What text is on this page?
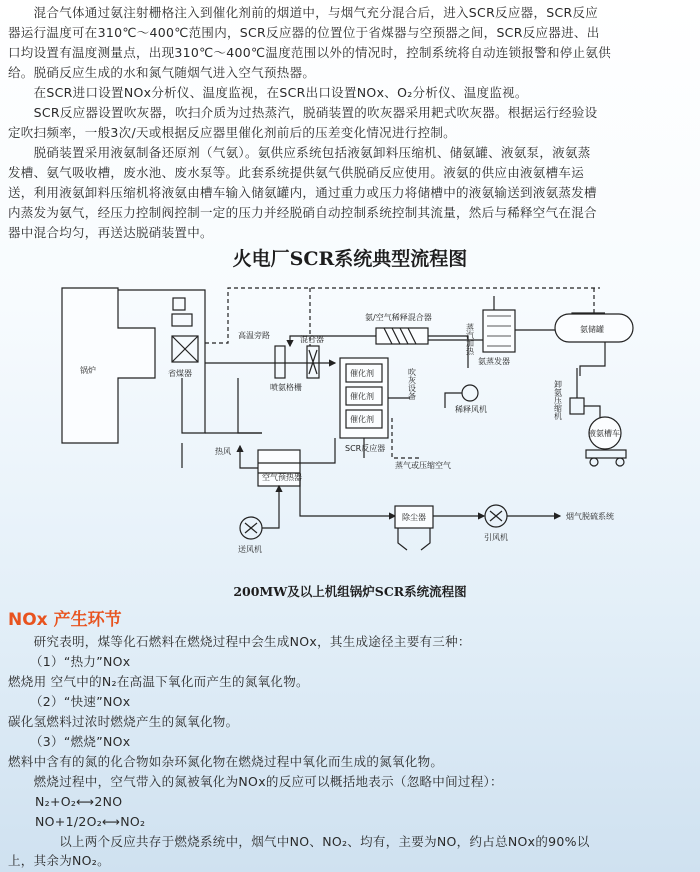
　　混合气体通过氨注射栅格注入到催化剂前的烟道中，与烟气充分混合后，进入SCR反应器，SCR反应
器运行温度可在310℃～400℃范围内，SCR反应器的位置位于省煤器与空预器之间，SCR反应器进、出
口均设置有温度测量点，出现310℃～400℃温度范围以外的情况时，控制系统将自动连锁报警和停止氨供
给。脱硝反应生成的水和氮气随烟气进入空气预热器。
　　在SCR进口设置NOx分析仪、温度监视，在SCR出口设置NOx、O₂分析仪、温度监视。
　　SCR反应器设置吹灰器，吹扫介质为过热蒸汽，脱硝装置的吹灰器采用耙式吹灰器。根据运行经验设
定吹扫频率，一般3次/天或根据反应器里催化剂前后的压差变化情况进行控制。
　　脱硝装置采用液氨制备还原剂（气氨）。氨供应系统包括液氨卸料压缩机、储氨罐、液氨泵，液氨蒸
发槽、氨气吸收槽，废水池、废水泵等。此套系统提供氨气供脱硝反应使用。液氨的供应由液氨槽车运
送，利用液氨卸料压缩机将液氨由槽车输入储氨罐内，通过重力或压力将储槽中的液氨输送到液氨蒸发槽
内蒸发为氨气，经压力控制阀控制一定的压力并经脱硝自动控制系统控制其流量，然后与稀释空气在混合
器中混合均匀，再送达脱硝装置中。
火电厂SCR系统典型流程图
锅炉	省煤器
热风
空气预热器
送风机
高温旁路
喷氨格栅
混合器
催化剂
催化剂
催化剂
SCR反应器
吹灰设备
蒸气或压缩空气
稀释风机
氨/空气稀释混合器
氨蒸发器
蒸汽加热	氨储罐
卸氨压缩机
液氨槽车
除尘器
引风机
烟气脱硫系统
200MW及以上机组锅炉SCR系统流程图
NOx 产生环节
　　研究表明，煤等化石燃料在燃烧过程中会生成NOx，其生成途径主要有三种：
（1）“热力”NOx
燃烧用 空气中的N₂在高温下氧化而产生的氮氧化物。
（2）“快速”NOx
碳化氢燃料过浓时燃烧产生的氮氧化物。
（3）“燃烧”NOx
燃料中含有的氮的化合物如杂环氮化物在燃烧过程中氧化而生成的氮氧化物。
　　燃烧过程中，空气带入的氮被氧化为NOx的反应可以概括地表示（忽略中间过程）：
N₂+O₂⟷2NO
NO+1/2O₂⟷NO₂
　　　　以上两个反应共存于燃烧系统中，烟气中NO、NO₂、均有，主要为NO，约占总NOx的90%以
上，其余为NO₂。
